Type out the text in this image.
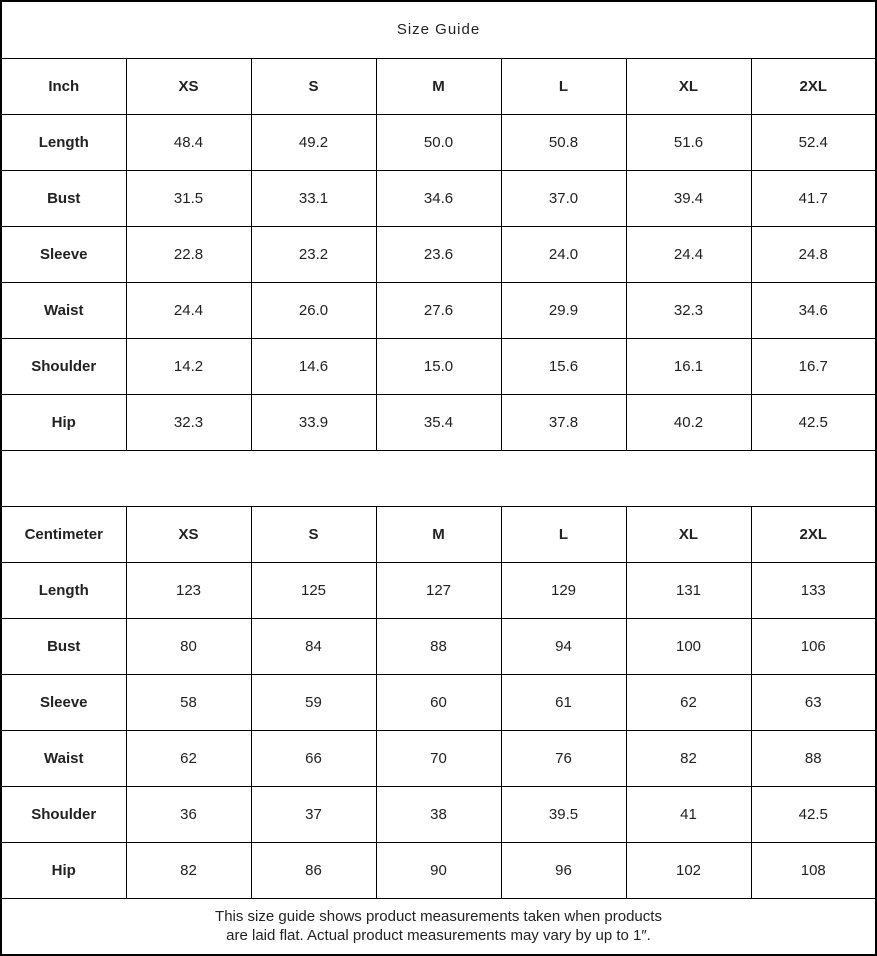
Size Guide						
Inch	XS	S	M	L	XL	2XL
Length	48.4	49.2	50.0	50.8	51.6	52.4
Bust	31.5	33.1	34.6	37.0	39.4	41.7
Sleeve	22.8	23.2	23.6	24.0	24.4	24.8
Waist	24.4	26.0	27.6	29.9	32.3	34.6
Shoulder	14.2	14.6	15.0	15.6	16.1	16.7
Hip	32.3	33.9	35.4	37.8	40.2	42.5

Centimeter	XS	S	M	L	XL	2XL
Length	123	125	127	129	131	133
Bust	80	84	88	94	100	106
Sleeve	58	59	60	61	62	63
Waist	62	66	70	76	82	88
Shoulder	36	37	38	39.5	41	42.5
Hip	82	86	90	96	102	108

This size guide shows product measurements taken when products
are laid flat. Actual product measurements may vary by up to 1″.						
